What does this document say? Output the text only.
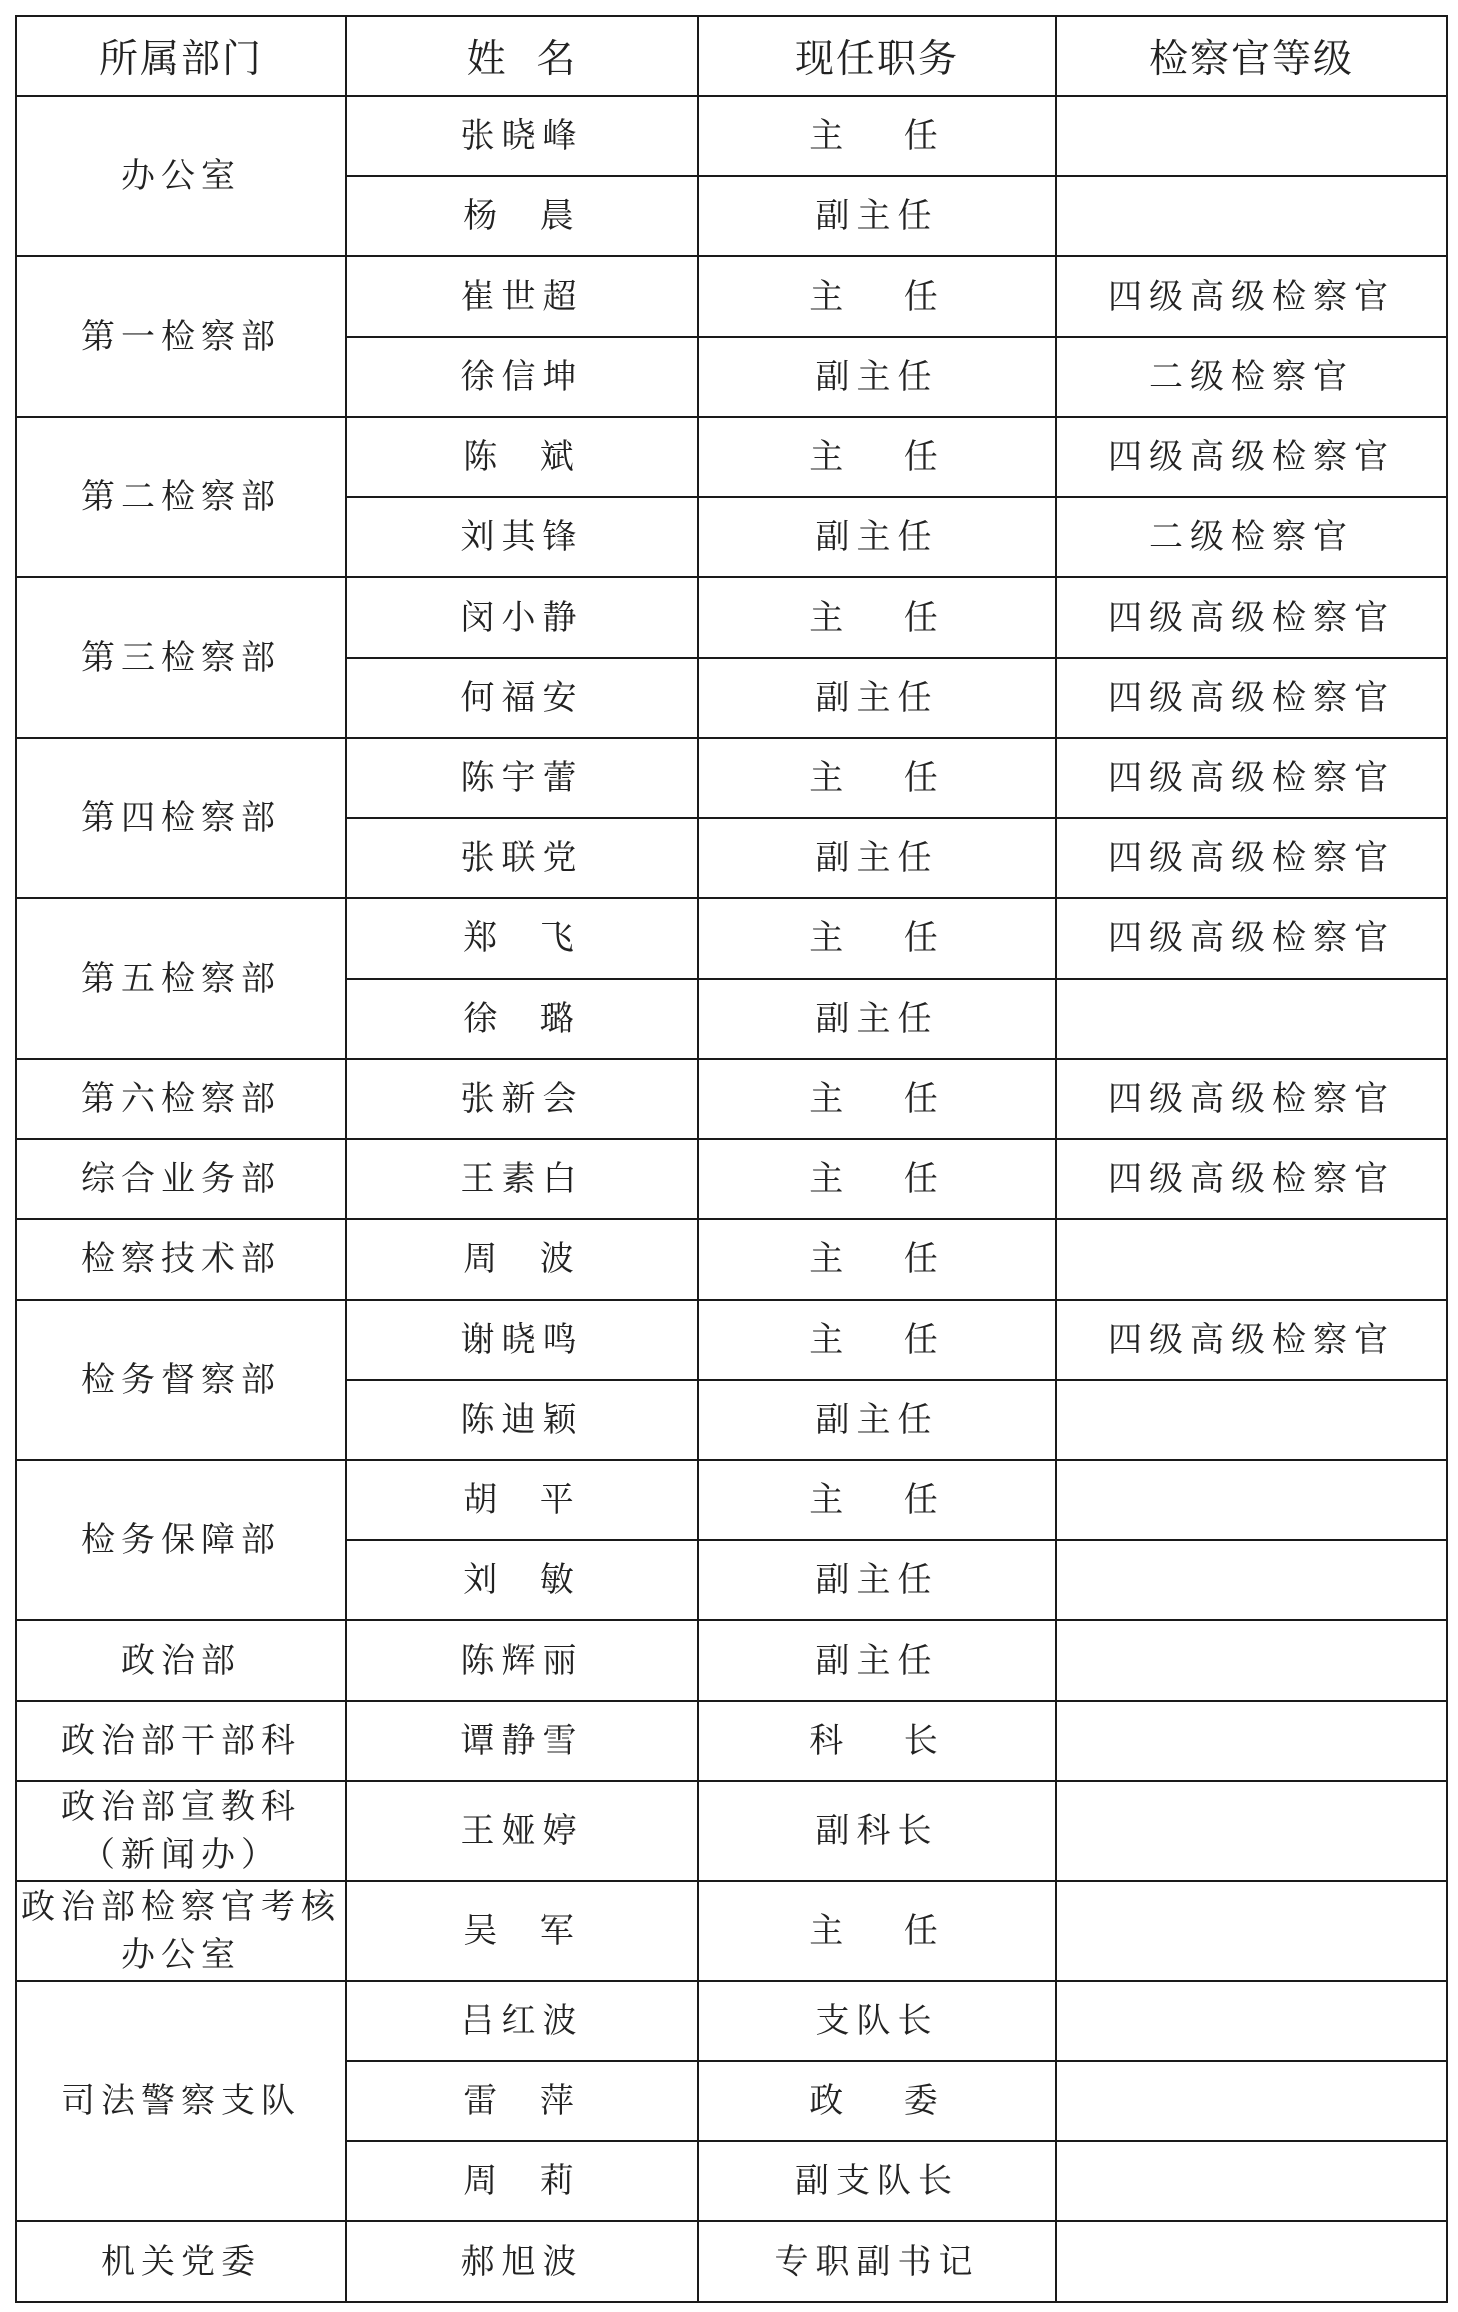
所属部门	姓  名	现任职务	检察官等级

办公室	张晓峰	主   任	
	杨  晨	副主任	

第一检察部	崔世超	主   任	四级高级检察官
	徐信坤	副主任	二级检察官

第二检察部	陈  斌	主   任	四级高级检察官
	刘其锋	副主任	二级检察官

第三检察部	闵小静	主   任	四级高级检察官
	何福安	副主任	四级高级检察官

第四检察部	陈宇蕾	主   任	四级高级检察官
	张联党	副主任	四级高级检察官

第五检察部	郑  飞	主   任	四级高级检察官
	徐  璐	副主任	

第六检察部	张新会	主   任	四级高级检察官

综合业务部	王素白	主   任	四级高级检察官

检察技术部	周  波	主   任	

检务督察部	谢晓鸣	主   任	四级高级检察官
	陈迪颖	副主任	

检务保障部	胡  平	主   任	
	刘  敏	副主任	

政治部	陈辉丽	副主任	

政治部干部科	谭静雪	科   长	

政治部宣教科
（新闻办）	王娅婷	副科长	

政治部检察官考核
办公室	吴  军	主   任	

司法警察支队	吕红波	支队长	
	雷  萍	政   委	
	周  莉	副支队长	

机关党委	郝旭波	专职副书记	
